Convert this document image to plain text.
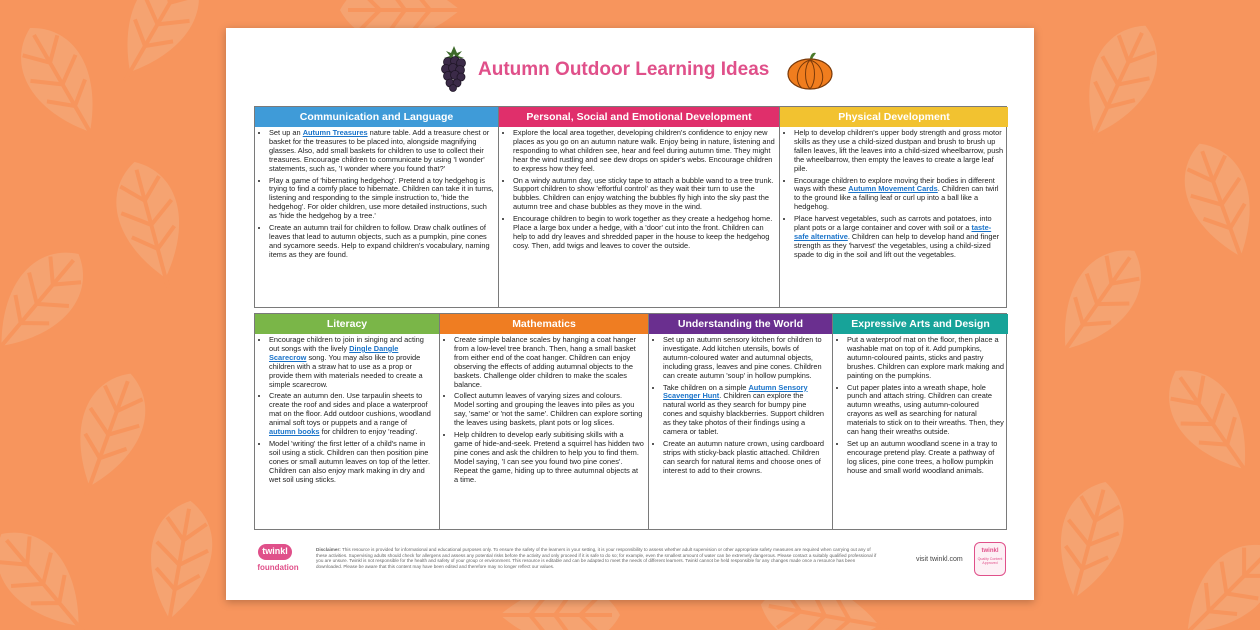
Autumn Outdoor Learning Ideas
Communication and Language
• Set up an Autumn Treasures nature table. Add a treasure chest or basket for the treasures to be placed into, alongside magnifying glasses. Also, add small baskets for children to use to collect their treasures. Encourage children to communicate by using 'I wonder' statements, such as, 'I wonder where you found that?'
• Play a game of 'hibernating hedgehog'. Pretend a toy hedgehog is trying to find a comfy place to hibernate. Children can take it in turns, listening and responding to the simple instruction to, 'hide the hedgehog'. For older children, use more detailed instructions, such as 'hide the hedgehog by a tree.'
• Create an autumn trail for children to follow. Draw chalk outlines of leaves that lead to autumn objects, such as a pumpkin, pine cones and sycamore seeds. Help to expand children's vocabulary, naming items as they are found.
Personal, Social and Emotional Development
• Explore the local area together, developing children's confidence to enjoy new places as you go on an autumn nature walk. Enjoy being in nature, listening and responding to what children see, hear and feel during autumn time. They might hear the wind rustling and see dew drops on spider's webs. Encourage children to express how they feel.
• On a windy autumn day, use sticky tape to attach a bubble wand to a tree trunk. Support children to show 'effortful control' as they wait their turn to use the bubbles. Children can enjoy watching the bubbles fly high into the sky past the autumn tree and chase bubbles as they move in the wind.
• Encourage children to begin to work together as they create a hedgehog home. Place a large box under a hedge, with a 'door' cut into the front. Children can help to add dry leaves and shredded paper in the house to keep the hedgehog cosy. Then, add twigs and leaves to cover the outside.
Physical Development
• Help to develop children's upper body strength and gross motor skills as they use a child-sized dustpan and brush to brush up fallen leaves, lift the leaves into a child-sized wheelbarrow, push the wheelbarrow, then empty the leaves to create a large leaf pile.
• Encourage children to explore moving their bodies in different ways with these Autumn Movement Cards. Children can twirl to the ground like a falling leaf or curl up into a ball like a hedgehog.
• Place harvest vegetables, such as carrots and potatoes, into plant pots or a large container and cover with soil or a taste-safe alternative. Children can help to develop hand and finger strength as they 'harvest' the vegetables, using a child-sized spade to dig in the soil and lift out the vegetables.
Literacy
• Encourage children to join in singing and acting out songs with the lively Dingle Dangle Scarecrow song. You may also like to provide children with a straw hat to use as a prop or provide them with materials needed to create a simple scarecrow.
• Create an autumn den. Use tarpaulin sheets to create the roof and sides and place a waterproof mat on the floor. Add outdoor cushions, woodland animal soft toys or puppets and a range of autumn books for children to enjoy 'reading'.
• Model 'writing' the first letter of a child's name in soil using a stick. Children can then position pine cones or small autumn leaves on top of the letter. Children can also enjoy mark making in dry and wet soil using sticks.
Mathematics
• Create simple balance scales by hanging a coat hanger from a low-level tree branch. Then, hang a small basket from either end of the coat hanger. Children can enjoy observing the effects of adding autumnal objects to the baskets. Challenge older children to make the scales balance.
• Collect autumn leaves of varying sizes and colours. Model sorting and grouping the leaves into piles as you say, 'same' or 'not the same'. Children can explore sorting the leaves using baskets, plant pots or log slices.
• Help children to develop early subitising skills with a game of hide-and-seek. Pretend a squirrel has hidden two pine cones and ask the children to help you to find them. Model saying, 'I can see you found two pine cones'. Repeat the game, hiding up to three autumnal objects at a time.
Understanding the World
• Set up an autumn sensory kitchen for children to investigate. Add kitchen utensils, bowls of autumn-coloured water and autumnal objects, including grass, leaves and pine cones. Children can create autumn 'soup' in hollow pumpkins.
• Take children on a simple Autumn Sensory Scavenger Hunt. Children can explore the natural world as they search for bumpy pine cones and squishy blackberries. Support children as they take photos of their findings using a camera or tablet.
• Create an autumn nature crown, using cardboard strips with sticky-back plastic attached. Children can search for natural items and choose ones of interest to add to their crowns.
Expressive Arts and Design
• Put a waterproof mat on the floor, then place a washable mat on top of it. Add pumpkins, autumn-coloured paints, sticks and pastry brushes. Children can explore mark making and painting on the pumpkins.
• Cut paper plates into a wreath shape, hole punch and attach string. Children can create autumn wreaths, using autumn-coloured crayons as well as searching for natural materials to stick on to their wreaths. Then, they can hang their wreaths outside.
• Set up an autumn woodland scene in a tray to encourage pretend play. Create a pathway of log slices, pine cone trees, a hollow pumpkin house and small world woodland animals.
twinkl
foundation
Disclaimer: This resource is provided for informational and educational purposes only. To ensure the safety of the learners in your setting, it is your responsibility to assess whether adult supervision or other appropriate safety measures are required when carrying out any of these activities. Supervising adults should check for allergens and assess any potential risks before the activity and only proceed if it is safe to do so; for example, even the smallest amount of water can be extremely dangerous. Please contact a suitably qualified professional if you are unsure. Twinkl is not responsible for the health and safety of your group or environment. This resource is editable and can be adapted to meet the needs of different learners. Twinkl cannot be held responsible for any changes made once a resource has been downloaded. Please be aware that this content may have been edited and therefore may no longer reflect our values.
visit twinkl.com
twinkl
Quality Content Approved
